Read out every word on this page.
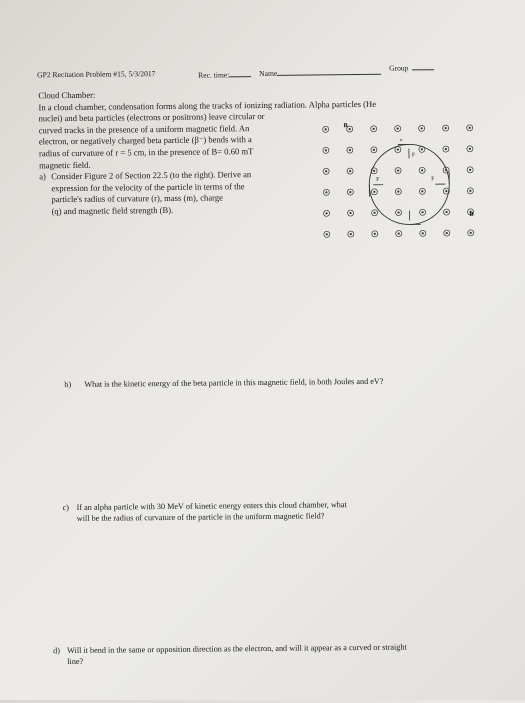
GP2 Recitation Problem #15, 5/3/2017	Rec. time:	Name
Group
Cloud Chamber:
In a cloud chamber, condensation forms along the tracks of ionizing radiation. Alpha particles (He
nuclei) and beta particles (electrons or positrons) leave circular or
curved tracks in the presence of a uniform magnetic field. An
electron, or negatively charged beta particle (β⁻) bends with a
radius of curvature of r = 5 cm, in the presence of B= 0.60 mT
magnetic field.
a) Consider Figure 2 of Section 22.5 (to the right). Derive an
expression for the velocity of the particle in terms of the
particle's radius of curvature (r), mass (m), charge
(q) and magnetic field strength (B).
B
B
v
F
F	F
b) What is the kinetic energy of the beta particle in this magnetic field, in both Joules and eV?
c) If an alpha particle with 30 MeV of kinetic energy enters this cloud chamber, what
will be the radius of curvature of the particle in the uniform magnetic field?
d) Will it bend in the same or opposition direction as the electron, and will it appear as a curved or straight
line?
